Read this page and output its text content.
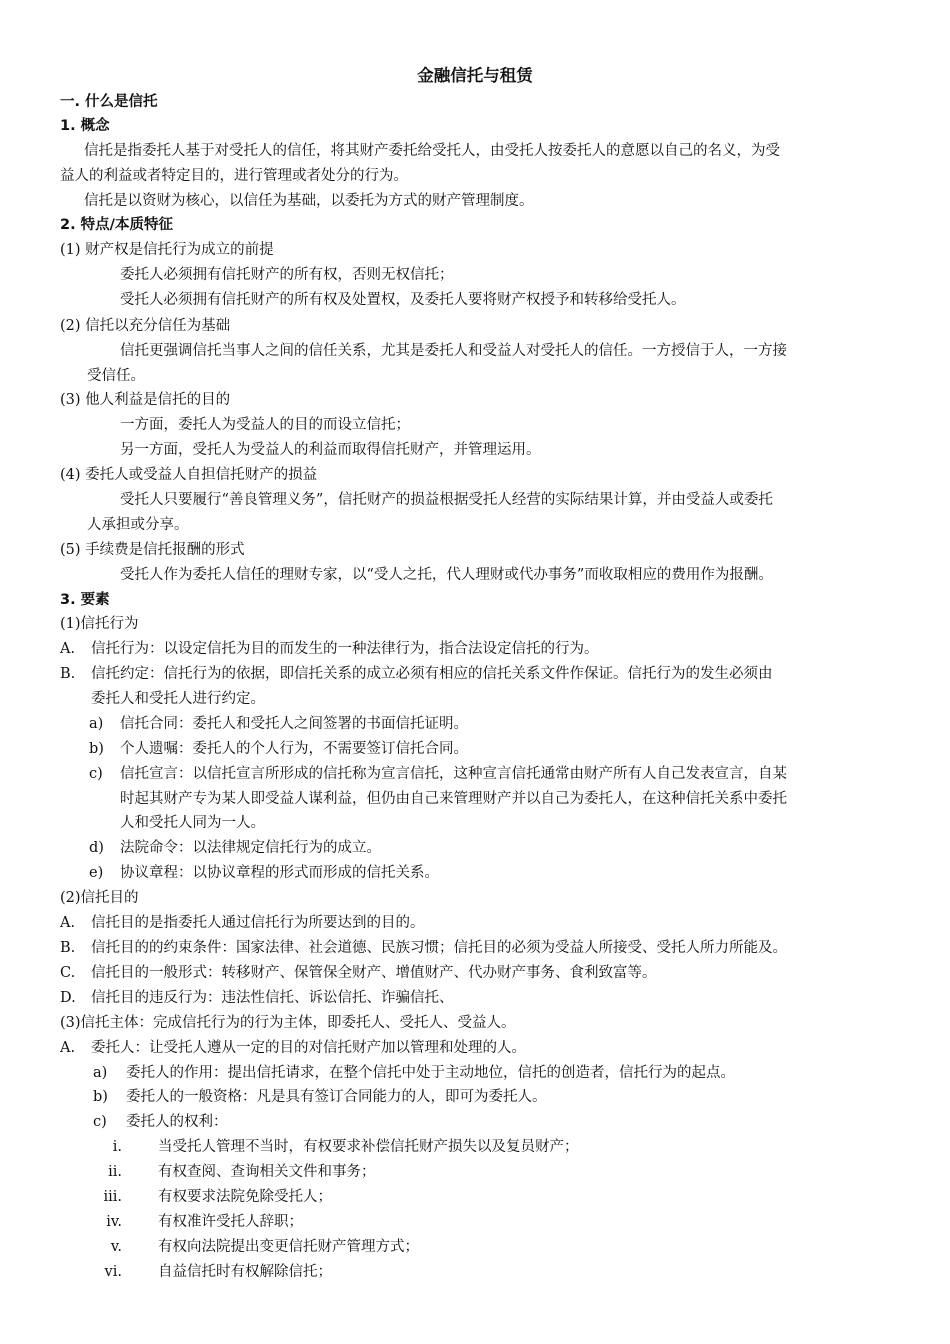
金融信托与租赁
一. 什么是信托
1. 概念
信托是指委托人基于对受托人的信任，将其财产委托给受托人，由受托人按委托人的意愿以自己的名义，为受
益人的利益或者特定目的，进行管理或者处分的行为。
信托是以资财为核心，以信任为基础，以委托为方式的财产管理制度。
2. 特点/本质特征
(1) 财产权是信托行为成立的前提
委托人必须拥有信托财产的所有权，否则无权信托；
受托人必须拥有信托财产的所有权及处置权，及委托人要将财产权授予和转移给受托人。
(2) 信托以充分信任为基础
信托更强调信托当事人之间的信任关系，尤其是委托人和受益人对受托人的信任。一方授信于人，一方接
受信任。
(3) 他人利益是信托的目的
一方面，委托人为受益人的目的而设立信托；
另一方面，受托人为受益人的利益而取得信托财产，并管理运用。
(4) 委托人或受益人自担信托财产的损益
受托人只要履行“善良管理义务”，信托财产的损益根据受托人经营的实际结果计算，并由受益人或委托
人承担或分享。
(5) 手续费是信托报酬的形式
受托人作为委托人信任的理财专家，以“受人之托，代人理财或代办事务”而收取相应的费用作为报酬。
3. 要素
(1)信托行为
A. 信托行为：以设定信托为目的而发生的一种法律行为，指合法设定信托的行为。
B. 信托约定：信托行为的依据，即信托关系的成立必须有相应的信托关系文件作保证。信托行为的发生必须由
委托人和受托人进行约定。
a) 信托合同：委托人和受托人之间签署的书面信托证明。
b) 个人遗嘱：委托人的个人行为，不需要签订信托合同。
c) 信托宣言：以信托宣言所形成的信托称为宣言信托，这种宣言信托通常由财产所有人自己发表宣言，自某
时起其财产专为某人即受益人谋利益，但仍由自己来管理财产并以自己为委托人，在这种信托关系中委托
人和受托人同为一人。
d) 法院命令：以法律规定信托行为的成立。
e) 协议章程：以协议章程的形式而形成的信托关系。
(2)信托目的
A. 信托目的是指委托人通过信托行为所要达到的目的。
B. 信托目的的约束条件：国家法律、社会道德、民族习惯；信托目的必须为受益人所接受、受托人所力所能及。
C. 信托目的一般形式：转移财产、保管保全财产、增值财产、代办财产事务、食利致富等。
D. 信托目的违反行为：违法性信托、诉讼信托、诈骗信托、
(3)信托主体：完成信托行为的行为主体，即委托人、受托人、受益人。
A. 委托人：让受托人遵从一定的目的对信托财产加以管理和处理的人。
a) 委托人的作用：提出信托请求，在整个信托中处于主动地位，信托的创造者，信托行为的起点。
b) 委托人的一般资格：凡是具有签订合同能力的人，即可为委托人。
c) 委托人的权利：
i. 当受托人管理不当时，有权要求补偿信托财产损失以及复员财产；
ii. 有权查阅、查询相关文件和事务；
iii. 有权要求法院免除受托人；
iv. 有权准许受托人辞职；
v. 有权向法院提出变更信托财产管理方式；
vi. 自益信托时有权解除信托；
